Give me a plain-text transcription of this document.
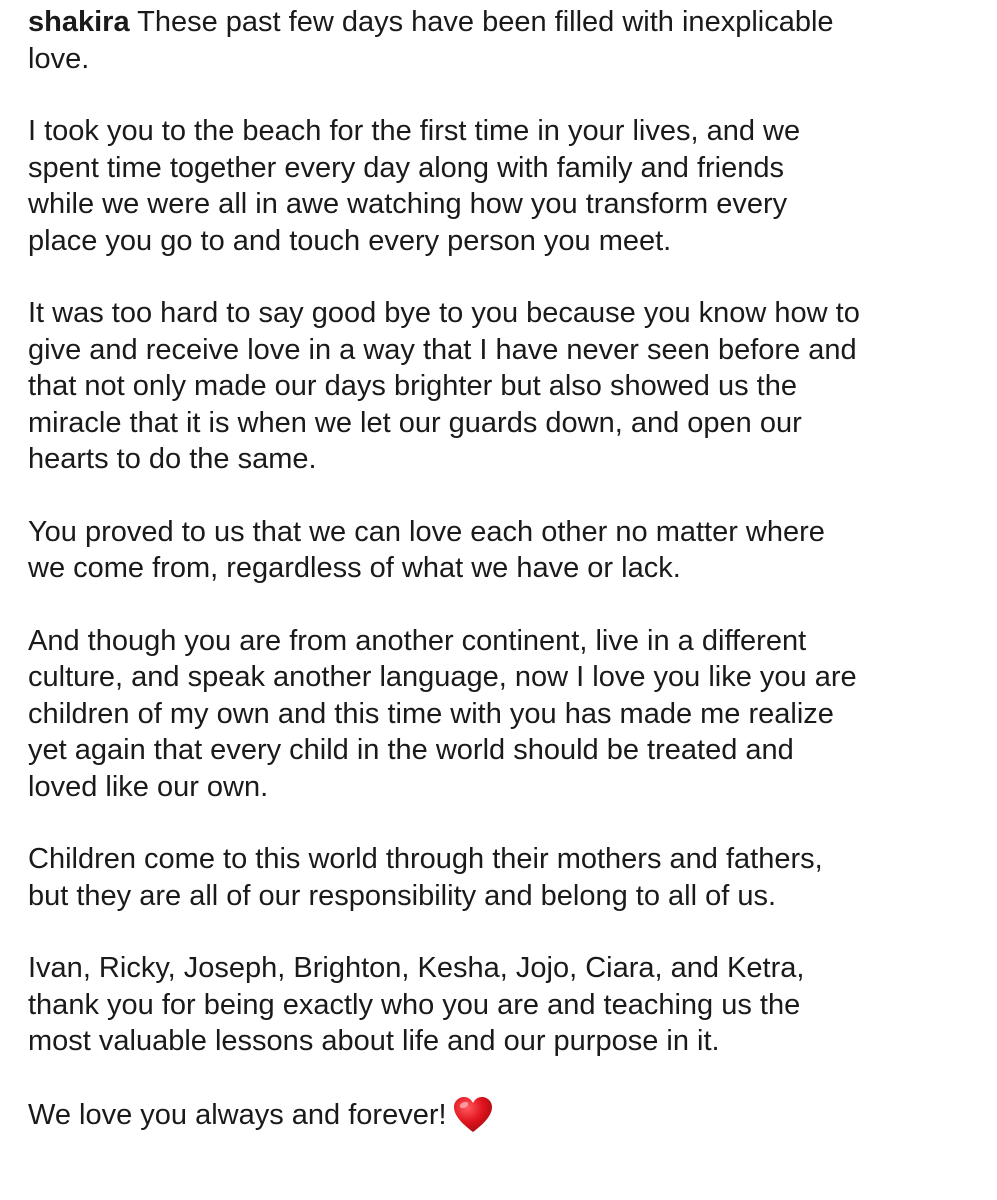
shakira These past few days have been filled with inexplicable
love.

I took you to the beach for the first time in your lives, and we
spent time together every day along with family and friends
while we were all in awe watching how you transform every
place you go to and touch every person you meet.

It was too hard to say good bye to you because you know how to
give and receive love in a way that I have never seen before and
that not only made our days brighter but also showed us the
miracle that it is when we let our guards down, and open our
hearts to do the same.

You proved to us that we can love each other no matter where
we come from, regardless of what we have or lack.

And though you are from another continent, live in a different
culture, and speak another language, now I love you like you are
children of my own and this time with you has made me realize
yet again that every child in the world should be treated and
loved like our own.

Children come to this world through their mothers and fathers,
but they are all of our responsibility and belong to all of us.

Ivan, Ricky, Joseph, Brighton, Kesha, Jojo, Ciara, and Ketra,
thank you for being exactly who you are and teaching us the
most valuable lessons about life and our purpose in it.

We love you always and forever!
